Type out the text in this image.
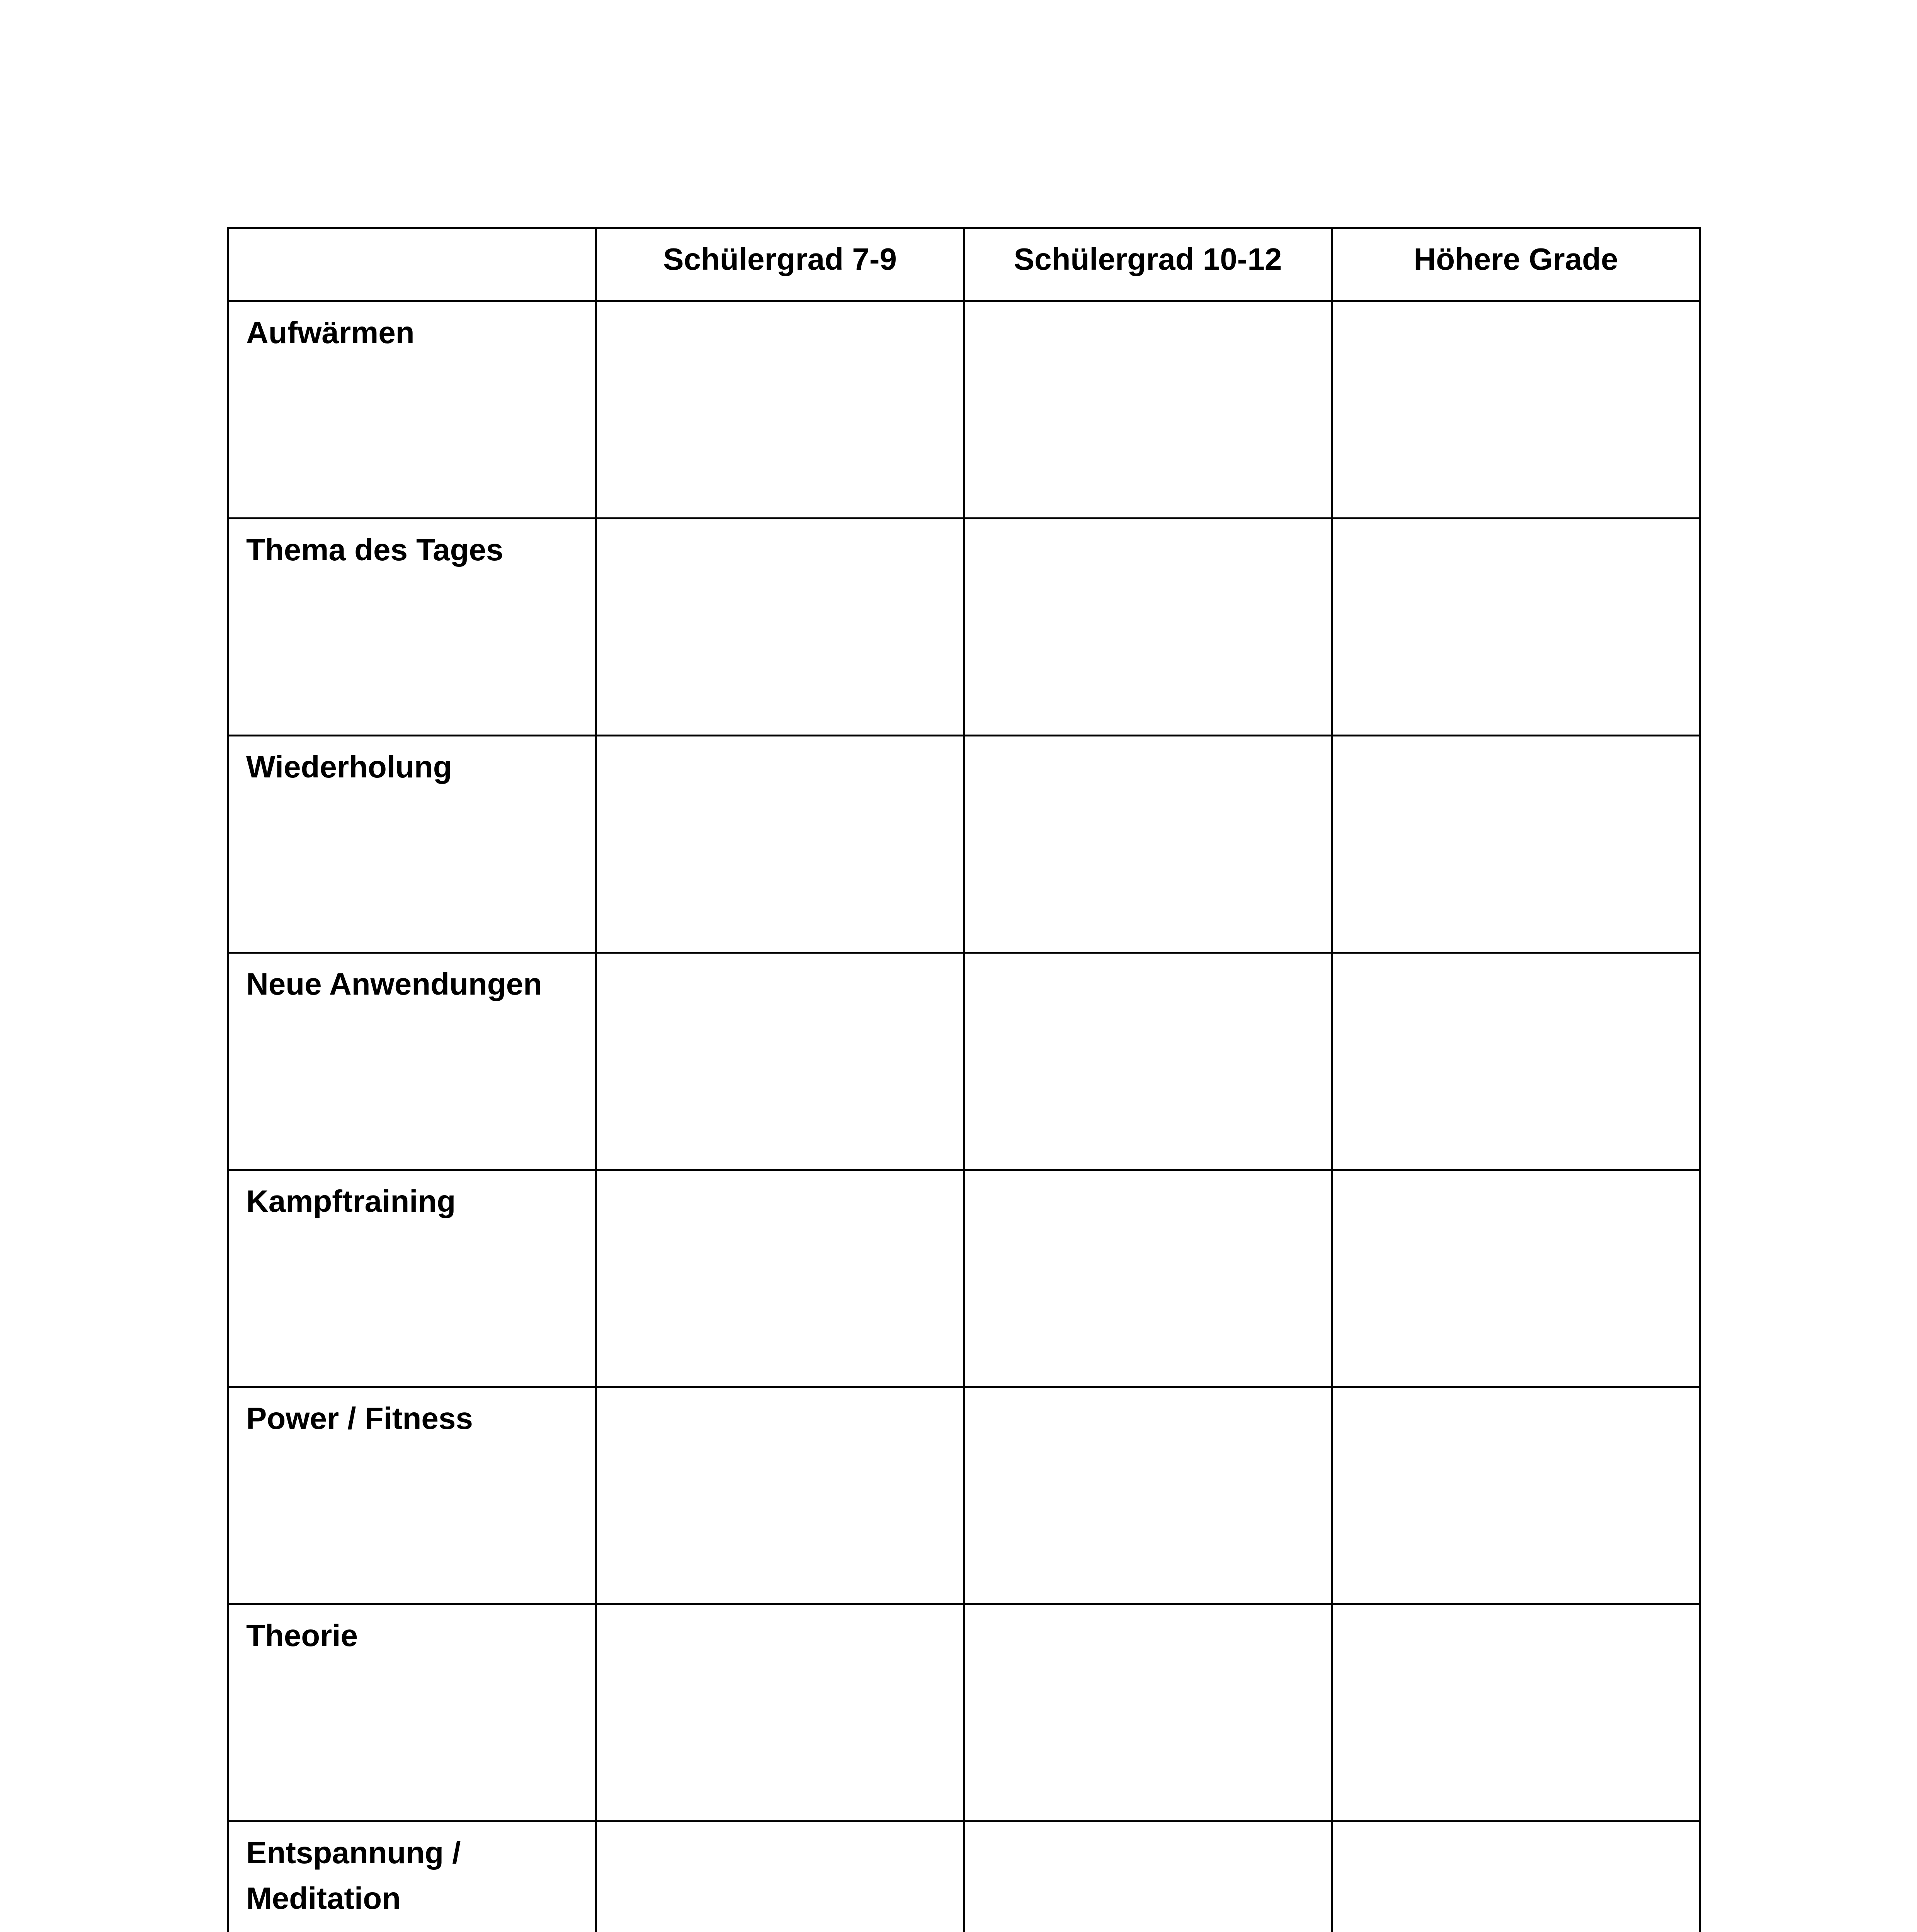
	Schülergrad 7-9	Schülergrad 10-12	Höhere Grade
Aufwärmen			
Thema des Tages			
Wiederholung			
Neue Anwendungen			
Kampftraining			
Power / Fitness			
Theorie			
Entspannung / Meditation			
